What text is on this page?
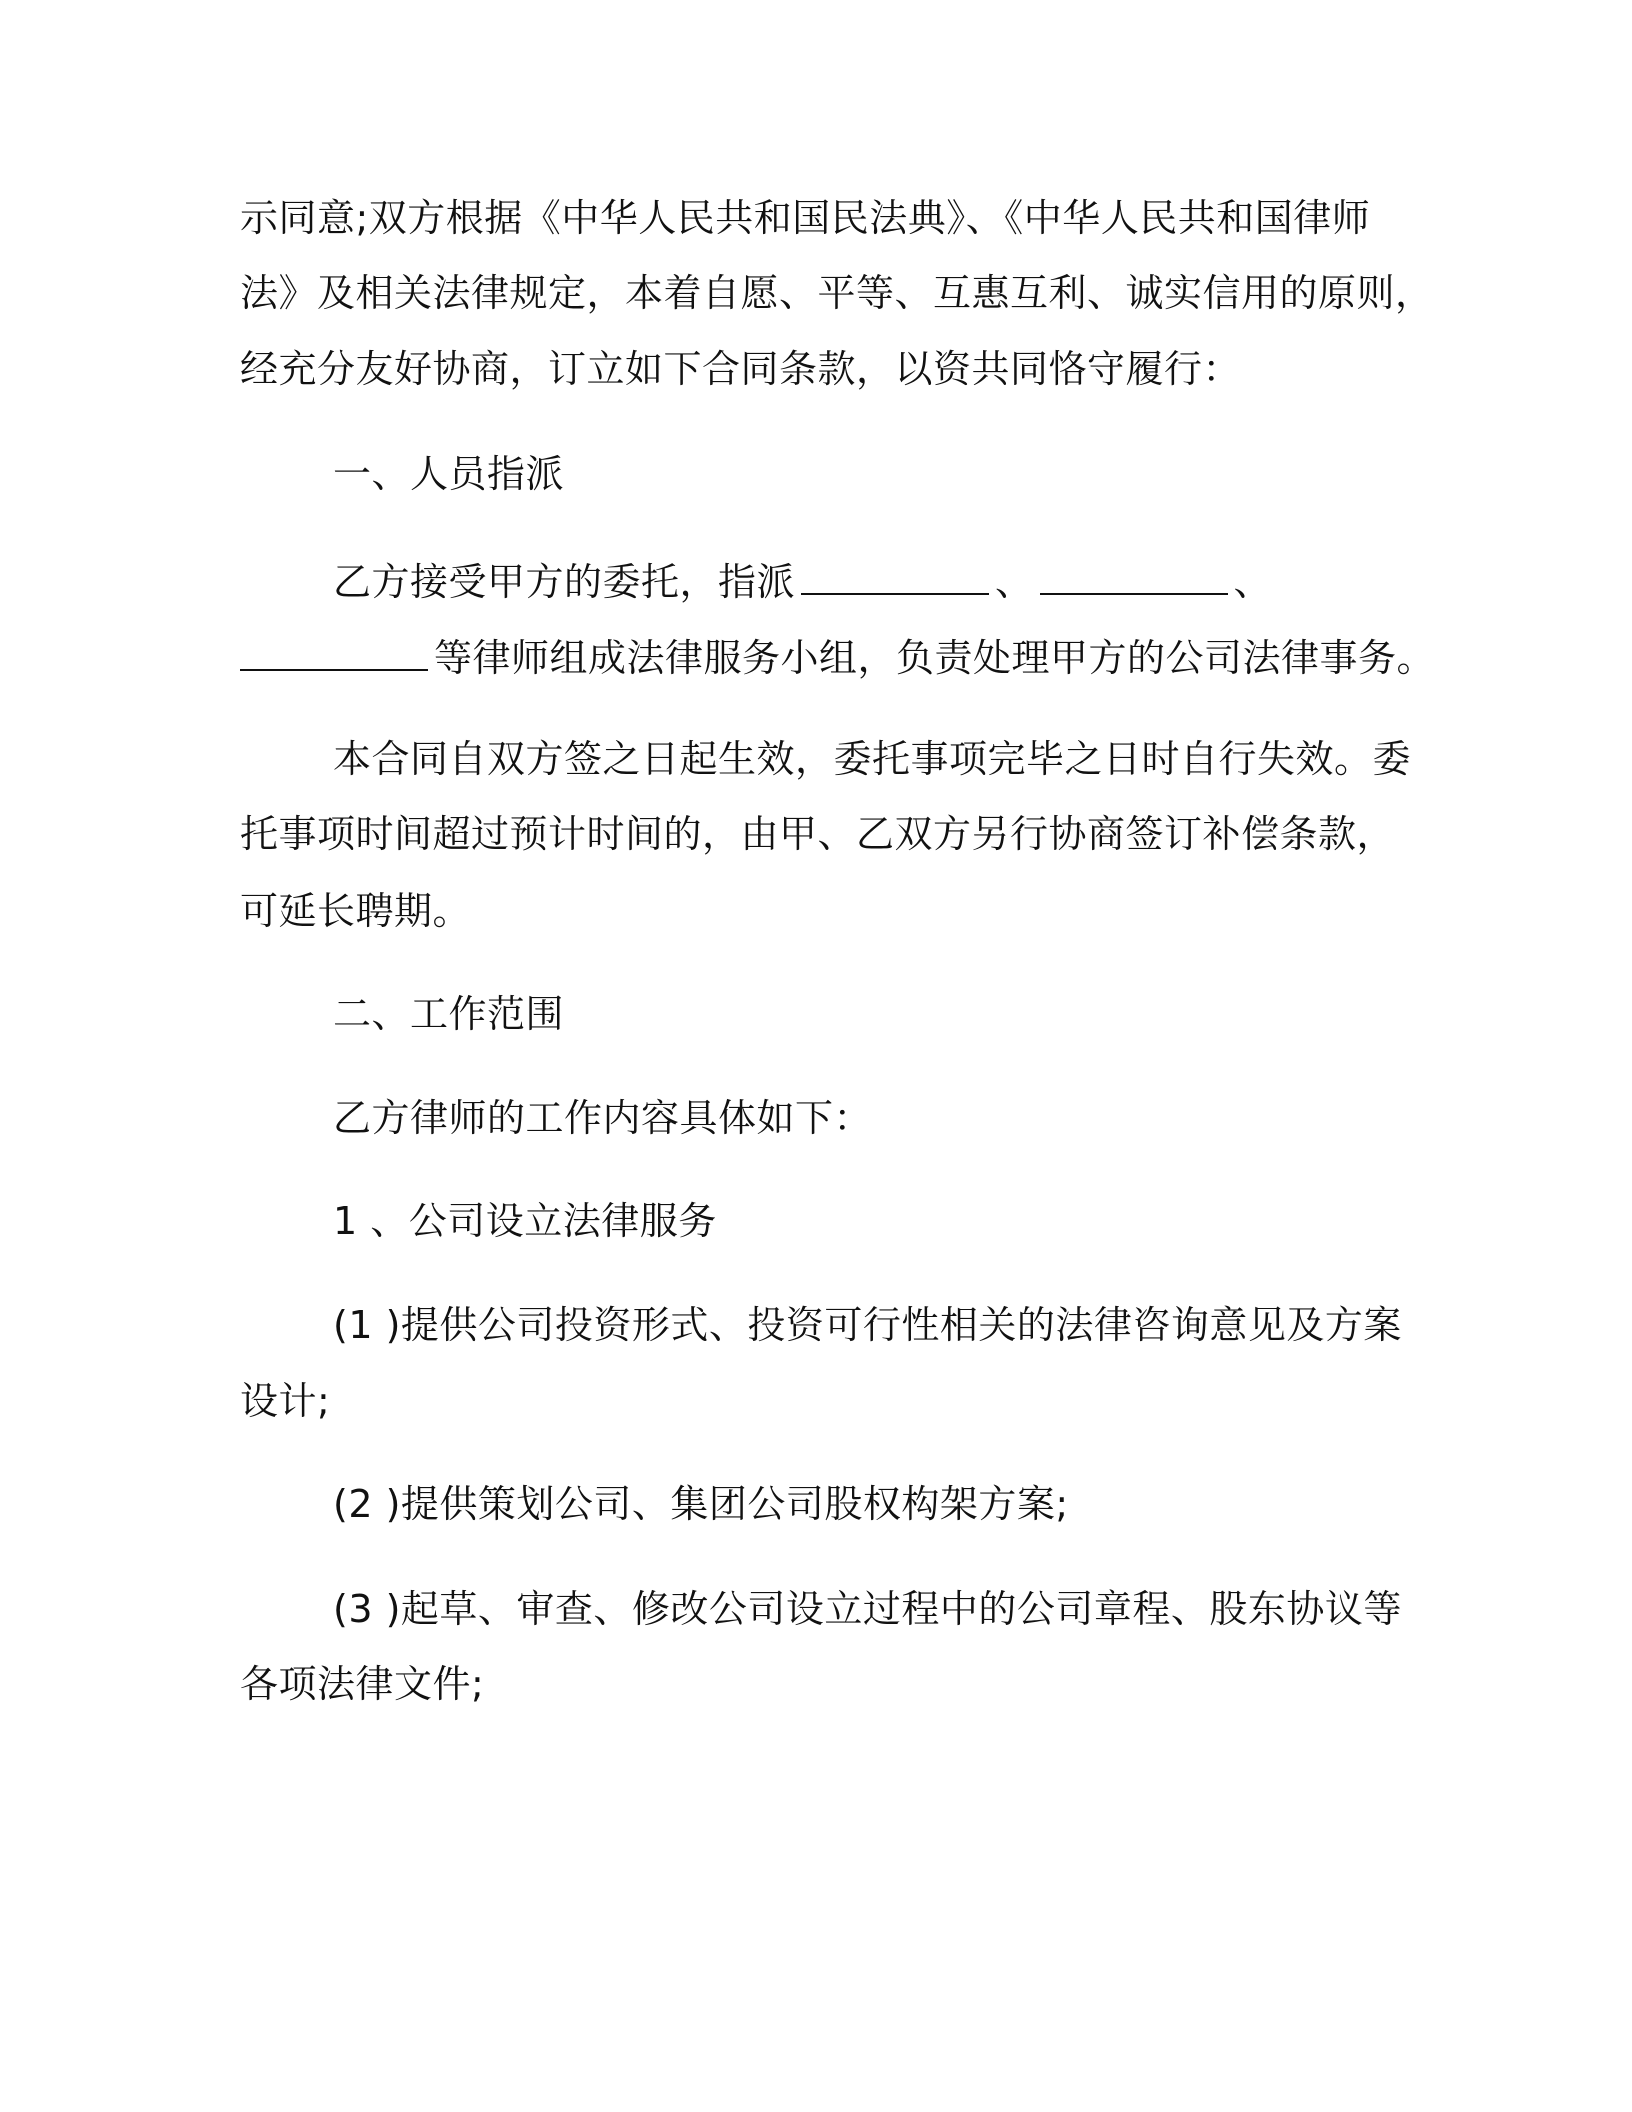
示同意;双方根据《中华人民共和国民法典》、《中华人民共和国律师
法》及相关法律规定，本着自愿、平等、互惠互利、诚实信用的原则，
经充分友好协商，订立如下合同条款，以资共同恪守履行：
一、人员指派
乙方接受甲方的委托，指派	、	、
等律师组成法律服务小组，负责处理甲方的公司法律事务。
本合同自双方签之日起生效，委托事项完毕之日时自行失效。委
托事项时间超过预计时间的，由甲、乙双方另行协商签订补偿条款，
可延长聘期。
二、工作范围
乙方律师的工作内容具体如下：
1 、公司设立法律服务
(1 )提供公司投资形式、投资可行性相关的法律咨询意见及方案
设计;
(2 )提供策划公司、集团公司股权构架方案;
(3 )起草、审查、修改公司设立过程中的公司章程、股东协议等
各项法律文件;
